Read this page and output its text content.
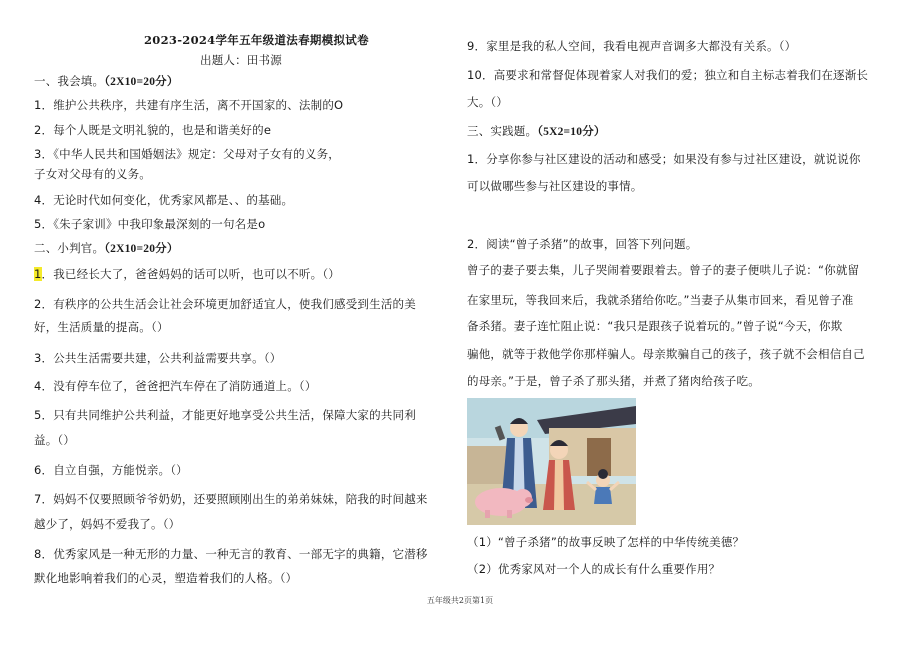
2023-2024学年五年级道法春期模拟试卷
出题人：田书源
一、我会填。（2X10=20分）
1．维护公共秩序，共建有序生活，离不开国家的、法制的O
2．每个人既是文明礼貌的，也是和谐美好的e
3．《中华人民共和国婚姻法》规定：父母对子女有的义务，
子女对父母有的义务。
4．无论时代如何变化，优秀家风都是、、的基础。
5．《朱子家训》中我印象最深刻的一句名是o
二、小判官。（2X10=20分）
1．我已经长大了，爸爸妈妈的话可以听，也可以不听。（）
2．有秩序的公共生活会让社会环境更加舒适宜人，使我们感受到生活的美
好，生活质量的提高。（）
3．公共生活需要共建，公共利益需要共享。（）
4．没有停车位了，爸爸把汽车停在了消防通道上。（）
5．只有共同维护公共利益，才能更好地享受公共生活，保障大家的共同利
益。（）
6．自立自强，方能悦亲。（）
7．妈妈不仅要照顾爷爷奶奶，还要照顾刚出生的弟弟妹妹，陪我的时间越来
越少了，妈妈不爱我了。（）
8．优秀家风是一种无形的力量、一种无言的教育、一部无字的典籍，它潜移
默化地影响着我们的心灵，塑造着我们的人格。（）
9．家里是我的私人空间，我看电视声音调多大都没有关系。（）
10．高要求和常督促体现着家人对我们的爱；独立和自主标志着我们在逐渐长
大。（）
三、实践题。（5X2=10分）
1．分享你参与社区建设的活动和感受；如果没有参与过社区建设，就说说你
可以做哪些参与社区建设的事情。
2．阅读“曾子杀猪”的故事，回答下列问题。
曾子的妻子要去集，儿子哭闹着要跟着去。曾子的妻子便哄儿子说：“你就留
在家里玩，等我回来后，我就杀猪给你吃。”当妻子从集市回来，看见曾子准
备杀猪。妻子连忙阻止说：“我只是跟孩子说着玩的。”曾子说“今天，你欺
骗他，就等于救他学你那样骗人。母亲欺骗自己的孩子，孩子就不会相信自己
的母亲。”于是，曾子杀了那头猪，并煮了猪肉给孩子吃。
（1）“曾子杀猪”的故事反映了怎样的中华传统美德？
（2）优秀家风对一个人的成长有什么重要作用？
五年级共2页第1页
